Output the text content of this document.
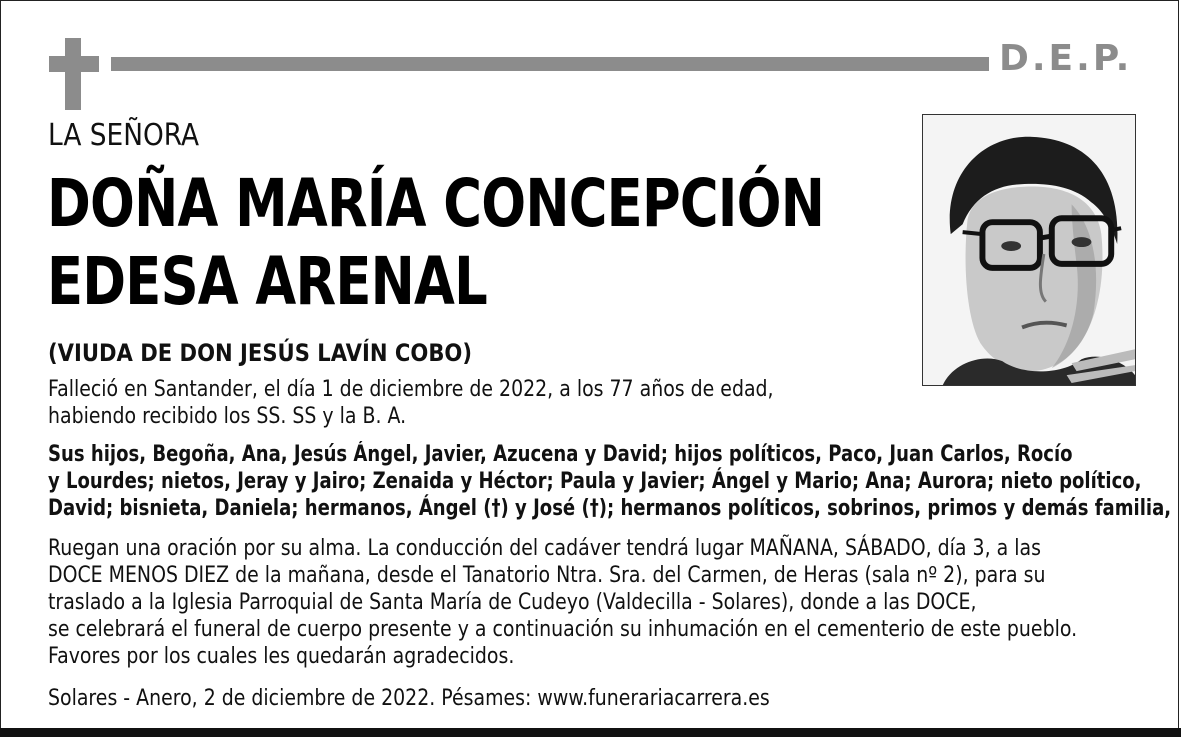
D.E.P.
LA SEÑORA
DOÑA MARÍA CONCEPCIÓN
EDESA ARENAL
(VIUDA DE DON JESÚS LAVÍN COBO)
Falleció en Santander, el día 1 de diciembre de 2022, a los 77 años de edad,
habiendo recibido los SS. SS y la B. A.
Sus hijos, Begoña, Ana, Jesús Ángel, Javier, Azucena y David; hijos políticos, Paco, Juan Carlos, Rocío
y Lourdes; nietos, Jeray y Jairo; Zenaida y Héctor; Paula y Javier; Ángel y Mario; Ana; Aurora; nieto político,
David; bisnieta, Daniela; hermanos, Ángel (†) y José (†); hermanos políticos, sobrinos, primos y demás familia,
Ruegan una oración por su alma. La conducción del cadáver tendrá lugar MAÑANA, SÁBADO, día 3, a las
DOCE MENOS DIEZ de la mañana, desde el Tanatorio Ntra. Sra. del Carmen, de Heras (sala nº 2), para su
traslado a la Iglesia Parroquial de Santa María de Cudeyo (Valdecilla - Solares), donde a las DOCE,
se celebrará el funeral de cuerpo presente y a continuación su inhumación en el cementerio de este pueblo.
Favores por los cuales les quedarán agradecidos.
Solares - Anero, 2 de diciembre de 2022. Pésames: www.funerariacarrera.es
